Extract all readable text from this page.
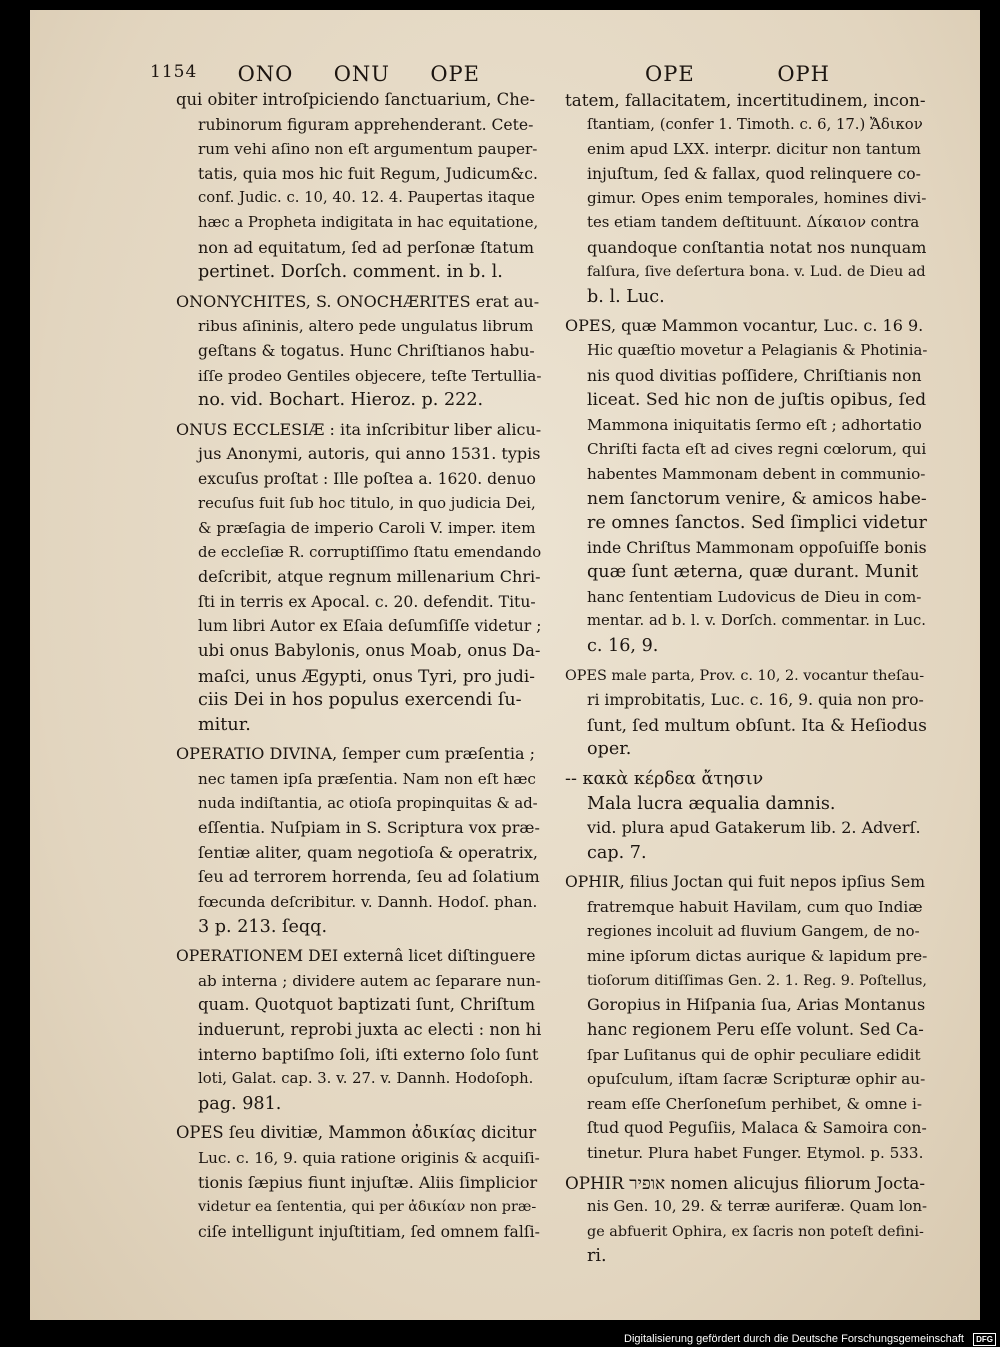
1154 ONO ONU OPE	OPE	OPH
qui obiter introſpiciendo ſanctuarium, Che-
rubinorum figuram apprehenderant. Cete-
rum vehi aſino non eſt argumentum pauper-
tatis, quia mos hic fuit Regum, Judicum&c.
conf. Judic. c. 10, 40. 12. 4. Paupertas itaque
hæc a Propheta indigitata in hac equitatione,
non ad equitatum, ſed ad perſonæ ſtatum
pertinet. Dorſch. comment. in b. l.
ONONYCHITES, S. ONOCHÆRITES erat au-
ribus aſininis, altero pede ungulatus librum
geſtans & togatus. Hunc Chriſtianos habu-
iſſe prodeo Gentiles objecere, teſte Tertullia-
no. vid. Bochart. Hieroz. p. 222.
ONUS ECCLESIÆ : ita inſcribitur liber alicu-
jus Anonymi, autoris, qui anno 1531. typis
excuſus proſtat : Ille poſtea a. 1620. denuo
recuſus fuit ſub hoc titulo, in quo judicia Dei,
& præſagia de imperio Caroli V. imper. item
de eccleſiæ R. corruptiſſimo ſtatu emendando
deſcribit, atque regnum millenarium Chri-
ſti in terris ex Apocal. c. 20. defendit. Titu-
lum libri Autor ex Eſaia deſumſiſſe videtur ;
ubi onus Babylonis, onus Moab, onus Da-
maſci, unus Ægypti, onus Tyri, pro judi-
ciis Dei in hos populus exercendi ſu-
mitur.
OPERATIO DIVINA, ſemper cum præſentia ;
nec tamen ipſa præſentia. Nam non eſt hæc
nuda indiſtantia, ac otioſa propinquitas & ad-
eſſentia. Nuſpiam in S. Scriptura vox præ-
ſentiæ aliter, quam negotioſa & operatrix,
ſeu ad terrorem horrenda, ſeu ad ſolatium
fœcunda deſcribitur. v. Dannh. Hodoſ. phan.
3 p. 213. ſeqq.
OPERATIONEM DEI externâ licet diſtinguere
ab interna ; dividere autem ac ſeparare nun-
quam. Quotquot baptizati ſunt, Chriſtum
induerunt, reprobi juxta ac electi : non hi
interno baptiſmo ſoli, iſti externo ſolo ſunt
loti, Galat. cap. 3. v. 27. v. Dannh. Hodoſoph.
pag. 981.
OPES ſeu divitiæ, Mammon ἀδικίας dicitur
Luc. c. 16, 9. quia ratione originis & acquiſi-
tionis ſæpius fiunt injuſtæ. Aliis ſimplicior
videtur ea ſententia, qui per ἀδικίαν non præ-
ciſe intelligunt injuſtitiam, ſed omnem falſi-
tatem, fallacitatem, incertitudinem, incon-
ſtantiam, (confer 1. Timoth. c. 6, 17.) Ἄδικον
enim apud LXX. interpr. dicitur non tantum
injuſtum, ſed & fallax, quod relinquere co-
gimur. Opes enim temporales, homines divi-
tes etiam tandem deſtituunt. Δίκαιον contra
quandoque conſtantia notat nos nunquam
falſura, ſive deſertura bona. v. Lud. de Dieu ad
b. l. Luc.
OPES, quæ Mammon vocantur, Luc. c. 16 9.
Hic quæſtio movetur a Pelagianis & Photinia-
nis quod divitias poſſidere, Chriſtianis non
liceat. Sed hic non de juſtis opibus, ſed
Mammona iniquitatis ſermo eſt ; adhortatio
Chriſti facta eſt ad cives regni cœlorum, qui
habentes Mammonam debent in communio-
nem ſanctorum venire, & amicos habe-
re omnes ſanctos. Sed ſimplici videtur
inde Chriſtus Mammonam oppoſuiſſe bonis
quæ ſunt æterna, quæ durant. Munit
hanc ſententiam Ludovicus de Dieu in com-
mentar. ad b. l. v. Dorſch. commentar. in Luc.
c. 16, 9.
OPES male parta, Prov. c. 10, 2. vocantur theſau-
ri improbitatis, Luc. c. 16, 9. quia non pro-
ſunt, ſed multum obſunt. Ita & Heſiodus
oper.
-- κακὰ κέρδεα ἄτησιν
Mala lucra æqualia damnis.
vid. plura apud Gatakerum lib. 2. Adverſ.
cap. 7.
OPHIR, filius Joctan qui fuit nepos ipſius Sem
fratremque habuit Havilam, cum quo Indiæ
regiones incoluit ad fluvium Gangem, de no-
mine ipſorum dictas aurique & lapidum pre-
tioſorum ditiſſimas Gen. 2. 1. Reg. 9. Poſtellus,
Goropius in Hiſpania ſua, Arias Montanus
hanc regionem Peru eſſe volunt. Sed Ca-
ſpar Luſitanus qui de ophir peculiare edidit
opuſculum, iſtam ſacræ Scripturæ ophir au-
ream eſſe Cherſoneſum perhibet, & omne i-
ſtud quod Peguſiis, Malaca & Samoira con-
tinetur. Plura habet Funger. Etymol. p. 533.
OPHIR אופיר nomen alicujus filiorum Jocta-
nis Gen. 10, 29. & terræ auriferæ. Quam lon-
ge abfuerit Ophira, ex ſacris non poteſt defini-
ri.
Digitalisierung gefördert durch die Deutsche Forschungsgemeinschaft	DFG
